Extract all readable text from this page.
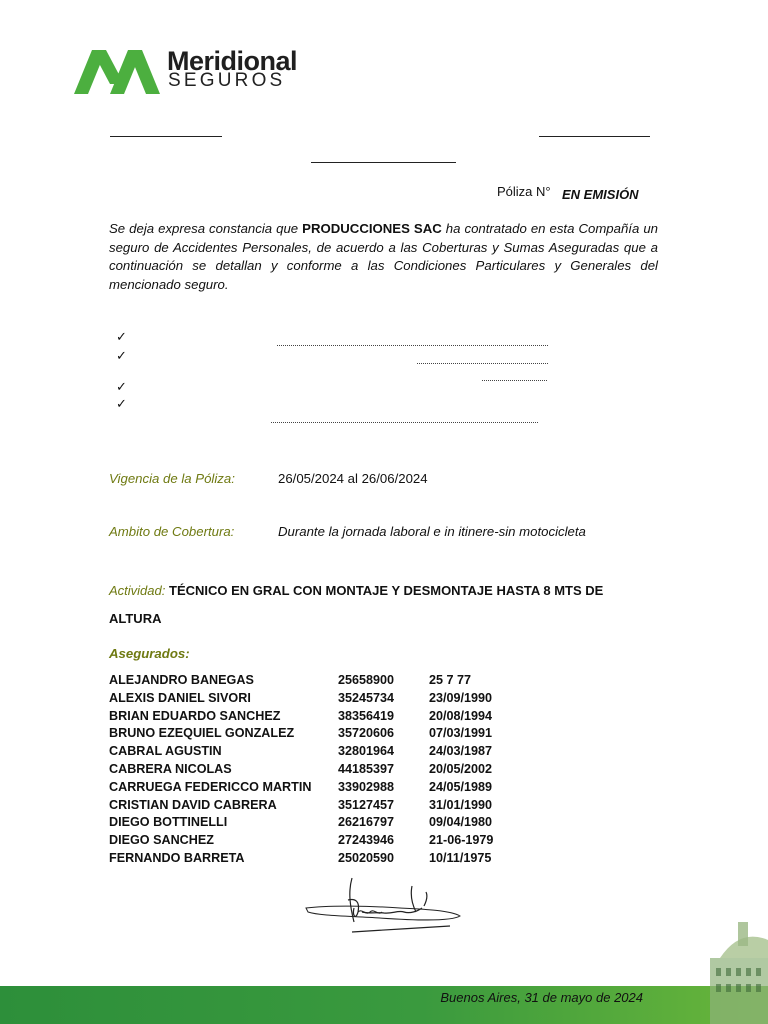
Meridional
SEGUROS
Póliza N° EN EMISIÓN
Se deja expresa constancia que PRODUCCIONES SAC ha contratado en esta Compañía un seguro de Accidentes Personales, de acuerdo a las Coberturas y Sumas Aseguradas que a continuación se detallan y conforme a las Condiciones Particulares y Generales del mencionado seguro.
✓
✓
✓
✓
Vigencia de la Póliza:	26/05/2024 al 26/06/2024
Ambito de Cobertura:	Durante la jornada laboral e in itinere-sin motocicleta
Actividad: TÉCNICO EN GRAL CON MONTAJE Y DESMONTAJE HASTA 8 MTS DE ALTURA
Asegurados:
ALEJANDRO BANEGAS	25658900	25 7 77
ALEXIS DANIEL SIVORI	35245734	23/09/1990
BRIAN EDUARDO SANCHEZ	38356419	20/08/1994
BRUNO EZEQUIEL GONZALEZ	35720606	07/03/1991
CABRAL AGUSTIN	32801964	24/03/1987
CABRERA NICOLAS	44185397	20/05/2002
CARRUEGA FEDERICCO MARTIN	33902988	24/05/1989
CRISTIAN DAVID CABRERA	35127457	31/01/1990
DIEGO BOTTINELLI	26216797	09/04/1980
DIEGO SANCHEZ	27243946	21-06-1979
FERNANDO BARRETA	25020590	10/11/1975
Buenos Aires, 31 de mayo de 2024
